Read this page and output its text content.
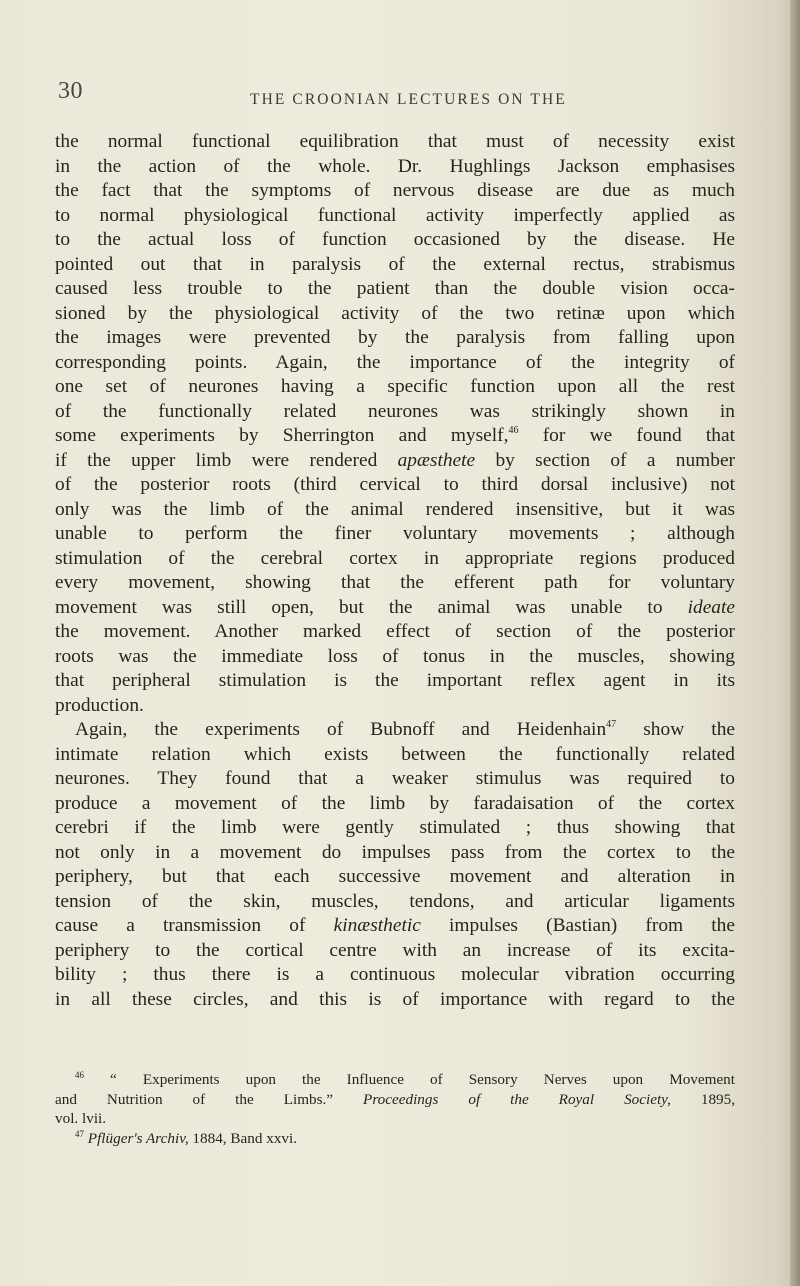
30	THE CROONIAN LECTURES ON THE
the normal functional equilibration that must of necessity exist
in the action of the whole. Dr. Hughlings Jackson emphasises
the fact that the symptoms of nervous disease are due as much
to normal physiological functional activity imperfectly applied as
to the actual loss of function occasioned by the disease. He
pointed out that in paralysis of the external rectus, strabismus
caused less trouble to the patient than the double vision occa-
sioned by the physiological activity of the two retinæ upon which
the images were prevented by the paralysis from falling upon
corresponding points. Again, the importance of the integrity of
one set of neurones having a specific function upon all the rest
of the functionally related neurones was strikingly shown in
some experiments by Sherrington and myself,$^{46}$ for we found that
if the upper limb were rendered apæsthete by section of a number
of the posterior roots (third cervical to third dorsal inclusive) not
only was the limb of the animal rendered insensitive, but it was
unable to perform the finer voluntary movements ; although
stimulation of the cerebral cortex in appropriate regions produced
every movement, showing that the efferent path for voluntary
movement was still open, but the animal was unable to ideate
the movement. Another marked effect of section of the posterior
roots was the immediate loss of tonus in the muscles, showing
that peripheral stimulation is the important reflex agent in its
production.
Again, the experiments of Bubnoff and Heidenhain$^{47}$ show the
intimate relation which exists between the functionally related
neurones. They found that a weaker stimulus was required to
produce a movement of the limb by faradaisation of the cortex
cerebri if the limb were gently stimulated ; thus showing that
not only in a movement do impulses pass from the cortex to the
periphery, but that each successive movement and alteration in
tension of the skin, muscles, tendons, and articular ligaments
cause a transmission of kinæsthetic impulses (Bastian) from the
periphery to the cortical centre with an increase of its excita-
bility ; thus there is a continuous molecular vibration occurring
in all these circles, and this is of importance with regard to the
$^{46}$ “ Experiments upon the Influence of Sensory Nerves upon Movement
and Nutrition of the Limbs.” Proceedings of the Royal Society, 1895,
vol. lvii.
$^{47}$ Pflüger's Archiv, 1884, Band xxvi.
